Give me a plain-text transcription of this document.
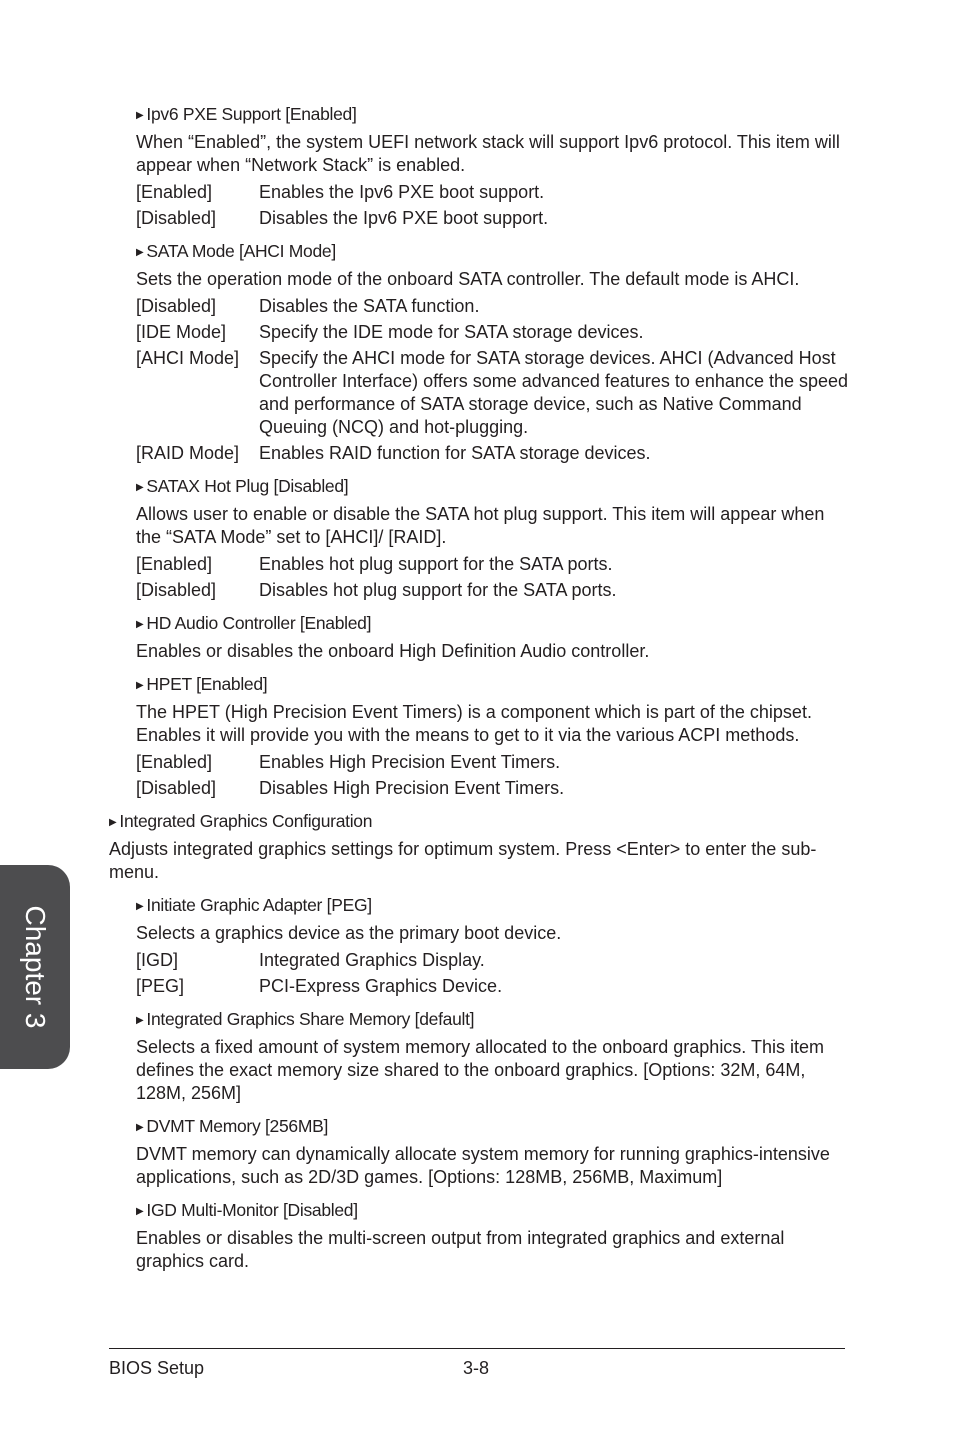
Chapter 3
▶ Ipv6 PXE Support [Enabled]
When “Enabled”, the system UEFI network stack will support Ipv6 protocol. This item will appear when “Network Stack” is enabled.
[Enabled]	Enables the Ipv6 PXE boot support.
[Disabled]	Disables the Ipv6 PXE boot support.
▶ SATA Mode [AHCI Mode]
Sets the operation mode of the onboard SATA controller. The default mode is AHCI.
[Disabled]	Disables the SATA function.
[IDE Mode]	Specify the IDE mode for SATA storage devices.
[AHCI Mode]	Specify the AHCI mode for SATA storage devices. AHCI (Advanced Host Controller Interface) offers some advanced features to enhance the speed and performance of SATA storage device, such as Native Command Queuing (NCQ) and hot-plugging.
[RAID Mode]	Enables RAID function for SATA storage devices.
▶ SATAX Hot Plug [Disabled]
Allows user to enable or disable the SATA hot plug support. This item will appear when the “SATA Mode” set to [AHCI]/ [RAID].
[Enabled]	Enables hot plug support for the SATA ports.
[Disabled]	Disables hot plug support for the SATA ports.
▶ HD Audio Controller [Enabled]
Enables or disables the onboard High Definition Audio controller.
▶ HPET [Enabled]
The HPET (High Precision Event Timers) is a component which is part of the chipset. Enables it will provide you with the means to get to it via the various ACPI methods.
[Enabled]	Enables High Precision Event Timers.
[Disabled]	Disables High Precision Event Timers.
▶ Integrated Graphics Configuration
Adjusts integrated graphics settings for optimum system. Press <Enter> to enter the sub-menu.
▶ Initiate Graphic Adapter [PEG]
Selects a graphics device as the primary boot device.
[IGD]	Integrated Graphics Display.
[PEG]	PCI-Express Graphics Device.
▶ Integrated Graphics Share Memory [default]
Selects a fixed amount of system memory allocated to the onboard graphics. This item defines the exact memory size shared to the onboard graphics. [Options: 32M, 64M, 128M, 256M]
▶ DVMT Memory [256MB]
DVMT memory can dynamically allocate system memory for running graphics-intensive applications, such as 2D/3D games. [Options: 128MB, 256MB, Maximum]
▶ IGD Multi-Monitor [Disabled]
Enables or disables the multi-screen output from integrated graphics and external graphics card.
BIOS Setup	3-8
